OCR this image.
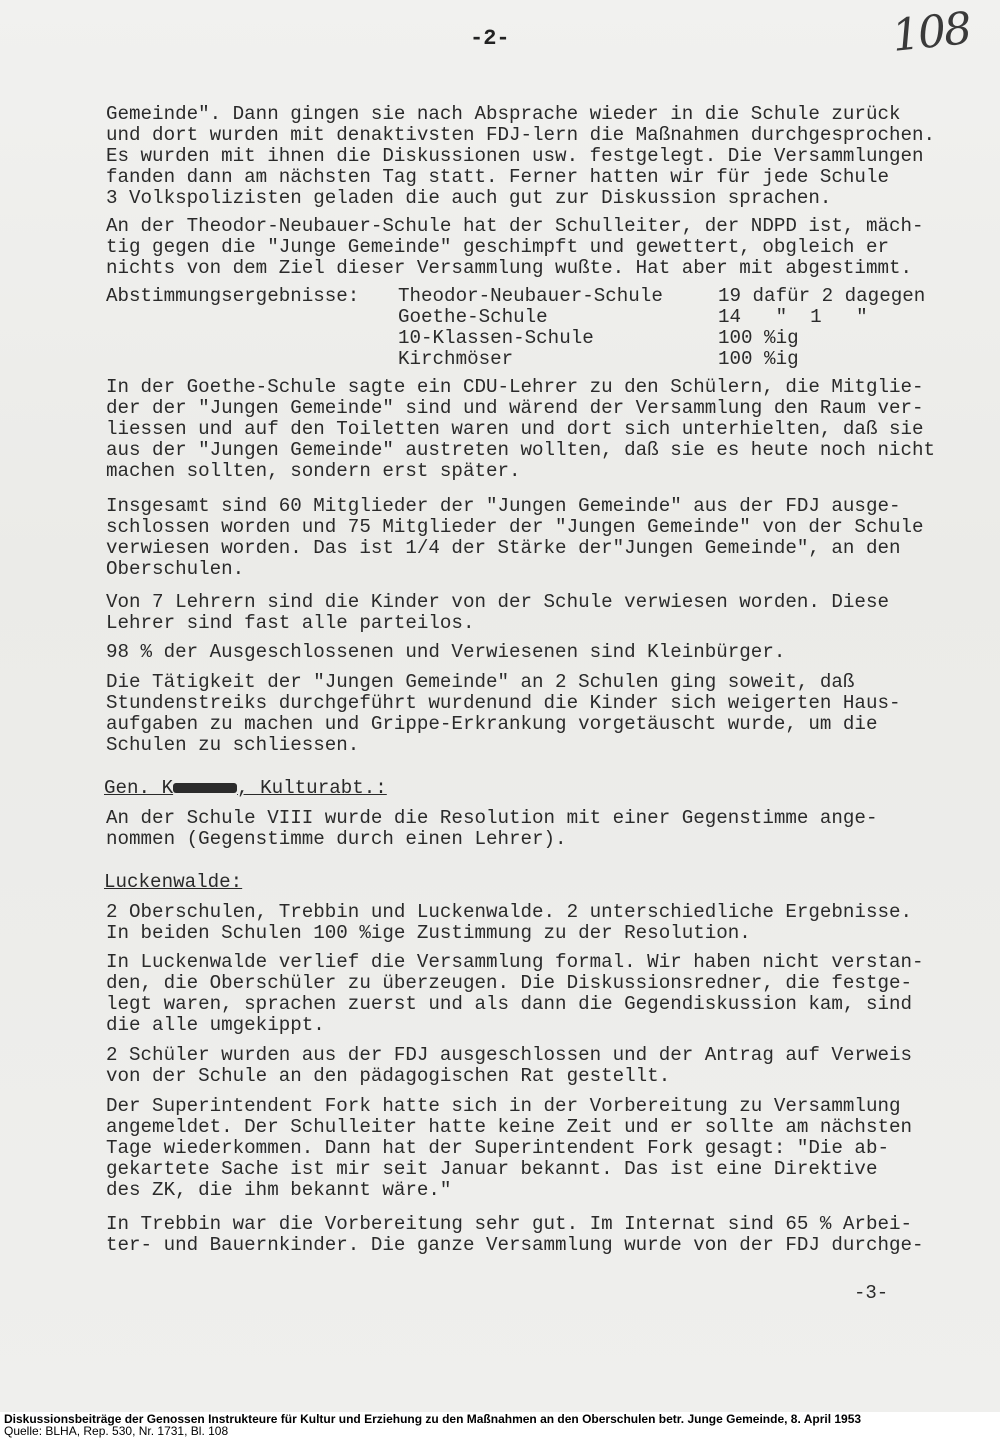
-2-	108

Gemeinde". Dann gingen sie nach Absprache wieder in die Schule zurück
und dort wurden mit denaktivsten FDJ-lern die Maßnahmen durchgesprochen.
Es wurden mit ihnen die Diskussionen usw. festgelegt. Die Versammlungen
fanden dann am nächsten Tag statt. Ferner hatten wir für jede Schule
3 Volkspolizisten geladen die auch gut zur Diskussion sprachen.

An der Theodor-Neubauer-Schule hat der Schulleiter, der NDPD ist, mäch-
tig gegen die "Junge Gemeinde" geschimpft und gewettert, obgleich er
nichts von dem Ziel dieser Versammlung wußte. Hat aber mit abgestimmt.

Abstimmungsergebnisse:	Theodor-Neubauer-Schule	19 dafür 2 dagegen
	Goethe-Schule	14   "  1   "
	10-Klassen-Schule	100 %ig
	Kirchmöser	100 %ig

In der Goethe-Schule sagte ein CDU-Lehrer zu den Schülern, die Mitglie-
der der "Jungen Gemeinde" sind und wärend der Versammlung den Raum ver-
liessen und auf den Toiletten waren und dort sich unterhielten, daß sie
aus der "Jungen Gemeinde" austreten wollten, daß sie es heute noch nicht
machen sollten, sondern erst später.

Insgesamt sind 60 Mitglieder der "Jungen Gemeinde" aus der FDJ ausge-
schlossen worden und 75 Mitglieder der "Jungen Gemeinde" von der Schule
verwiesen worden. Das ist 1/4 der Stärke der"Jungen Gemeinde", an den
Oberschulen.

Von 7 Lehrern sind die Kinder von der Schule verwiesen worden. Diese
Lehrer sind fast alle parteilos.

98 % der Ausgeschlossenen und Verwiesenen sind Kleinbürger.

Die Tätigkeit der "Jungen Gemeinde" an 2 Schulen ging soweit, daß
Stundenstreiks durchgeführt wurdenund die Kinder sich weigerten Haus-
aufgaben zu machen und Grippe-Erkrankung vorgetäuscht wurde, um die
Schulen zu schliessen.

Gen. K	, Kulturabt.:

An der Schule VIII wurde die Resolution mit einer Gegenstimme ange-
nommen (Gegenstimme durch einen Lehrer).

Luckenwalde:

2 Oberschulen, Trebbin und Luckenwalde. 2 unterschiedliche Ergebnisse.
In beiden Schulen 100 %ige Zustimmung zu der Resolution.

In Luckenwalde verlief die Versammlung formal. Wir haben nicht verstan-
den, die Oberschüler zu überzeugen. Die Diskussionsredner, die festge-
legt waren, sprachen zuerst und als dann die Gegendiskussion kam, sind
die alle umgekippt.

2 Schüler wurden aus der FDJ ausgeschlossen und der Antrag auf Verweis
von der Schule an den pädagogischen Rat gestellt.

Der Superintendent Fork hatte sich in der Vorbereitung zu Versammlung
angemeldet. Der Schulleiter hatte keine Zeit und er sollte am nächsten
Tage wiederkommen. Dann hat der Superintendent Fork gesagt: "Die ab-
gekartete Sache ist mir seit Januar bekannt. Das ist eine Direktive
des ZK, die ihm bekannt wäre."

In Trebbin war die Vorbereitung sehr gut. Im Internat sind 65 % Arbei-
ter- und Bauernkinder. Die ganze Versammlung wurde von der FDJ durchge-

-3-
Diskussionsbeiträge der Genossen Instrukteure für Kultur und Erziehung zu den Maßnahmen an den Oberschulen betr. Junge Gemeinde, 8. April 1953
Quelle: BLHA, Rep. 530, Nr. 1731, Bl. 108
